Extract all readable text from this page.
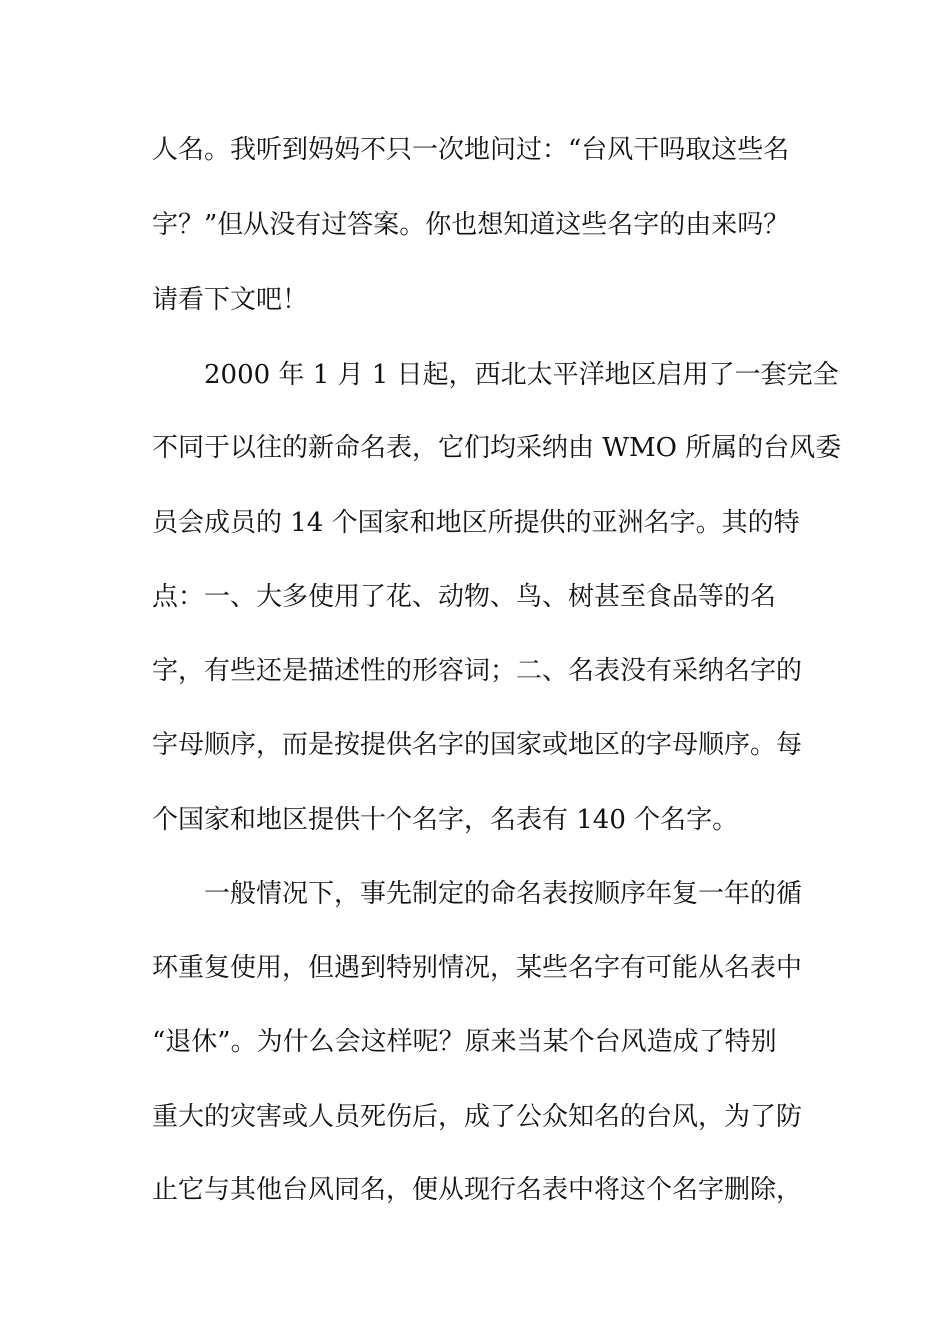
人名。我听到妈妈不只一次地问过：“台风干吗取这些名
字？”但从没有过答案。你也想知道这些名字的由来吗？
请看下文吧！
2000 年 1 月 1 日起，西北太平洋地区启用了一套完全
不同于以往的新命名表，它们均采纳由 WMO 所属的台风委
员会成员的 14 个国家和地区所提供的亚洲名字。其的特
点：一、大多使用了花、动物、鸟、树甚至食品等的名
字，有些还是描述性的形容词；二、名表没有采纳名字的
字母顺序，而是按提供名字的国家或地区的字母顺序。每
个国家和地区提供十个名字，名表有 140 个名字。
一般情况下，事先制定的命名表按顺序年复一年的循
环重复使用，但遇到特别情况，某些名字有可能从名表中
“退休”。为什么会这样呢？原来当某个台风造成了特别
重大的灾害或人员死伤后，成了公众知名的台风，为了防
止它与其他台风同名，便从现行名表中将这个名字删除，
